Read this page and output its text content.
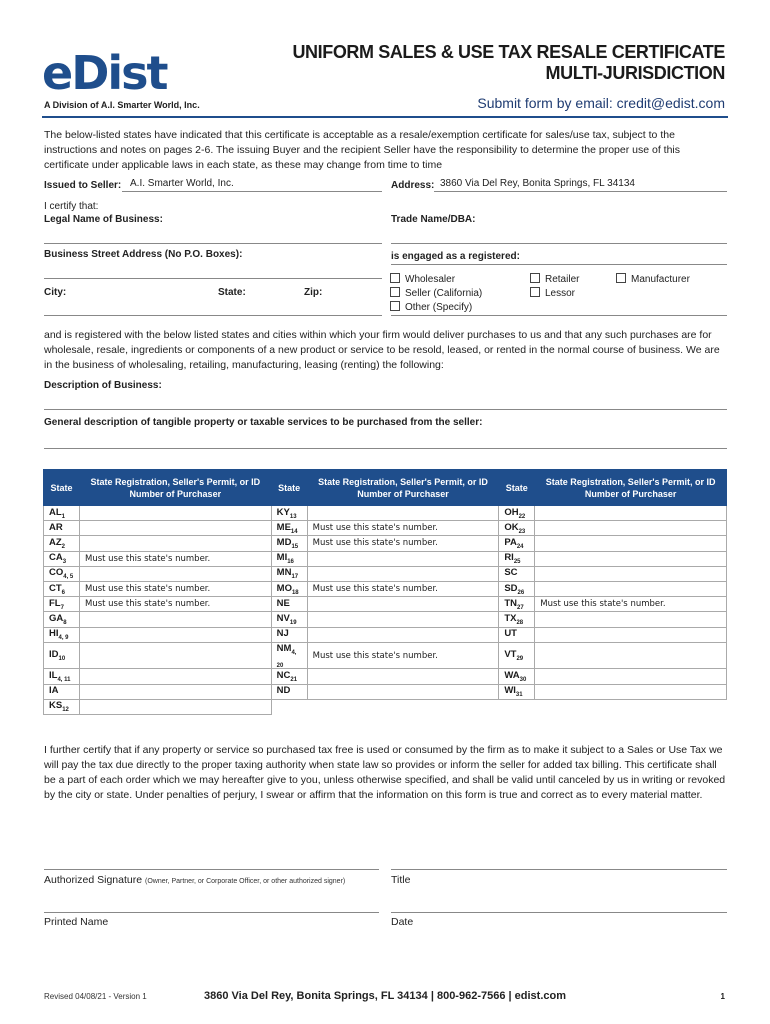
eDist
A Division of A.I. Smarter World, Inc.
UNIFORM SALES & USE TAX RESALE CERTIFICATE
MULTI-JURISDICTION
Submit form by email: credit@edist.com
The below-listed states have indicated that this certificate is acceptable as a resale/exemption certificate for sales/use tax, subject to the instructions and notes on pages 2-6. The issuing Buyer and the recipient Seller have the responsibility to determine the proper use of this certificate under applicable laws in each state, as these may change from time to time
Issued to Seller: A.I. Smarter World, Inc.	Address: 3860 Via Del Rey, Bonita Springs, FL 34134
I certify that:
Legal Name of Business:	Trade Name/DBA:
Business Street Address (No P.O. Boxes):	is engaged as a registered:
City:	State:	Zip:
Wholesaler
Seller (California)
Other (Specify)
Retailer
Lessor
Manufacturer
and is registered with the below listed states and cities within which your firm would deliver purchases to us and that any such purchases are for wholesale, resale, ingredients or components of a new product or service to be resold, leased, or rented in the normal course of business. We are in the business of wholesaling, retailing, manufacturing, leasing (renting) the following:
Description of Business:
General description of tangible property or taxable services to be purchased from the seller:
State	State Registration, Seller's Permit, or ID Number of Purchaser	State	State Registration, Seller's Permit, or ID Number of Purchaser	State	State Registration, Seller's Permit, or ID Number of Purchaser
$AL_1$		$KY_{13}$		$OH_{22}$	
AR		$ME_{14}$	Must use this state's number.	$OK_{23}$	
$AZ_2$		$MD_{15}$	Must use this state's number.	$PA_{24}$	
$CA_3$	Must use this state's number.	$MI_{16}$		$RI_{25}$	
$CO_{4, 5}$		$MN_{17}$		SC	
$CT_6$	Must use this state's number.	$MO_{18}$	Must use this state's number.	$SD_{26}$	
$FL_7$	Must use this state's number.	NE		$TN_{27}$	Must use this state's number.
$GA_8$		$NV_{19}$		$TX_{28}$	
$HI_{4, 9}$		NJ		UT	
$ID_{10}$		$NM_{4, 20}$	Must use this state's number.	$VT_{29}$	
$IL_{4, 11}$		$NC_{21}$		$WA_{30}$	
IA		ND		$WI_{31}$	
$KS_{12}$					
I further certify that if any property or service so purchased tax free is used or consumed by the firm as to make it subject to a Sales or Use Tax we will pay the tax due directly to the proper taxing authority when state law so provides or inform the seller for added tax billing. This certificate shall be a part of each order which we may hereafter give to you, unless otherwise specified, and shall be valid until canceled by us in writing or revoked by the city or state. Under penalties of perjury, I swear or affirm that the information on this form is true and correct as to every material matter.
Authorized Signature (Owner, Partner, or Corporate Officer, or other authorized signer)	Title
Printed Name	Date
3860 Via Del Rey, Bonita Springs, FL 34134 | 800-962-7566 | edist.com
Revised 04/08/21 - Version 1	1
